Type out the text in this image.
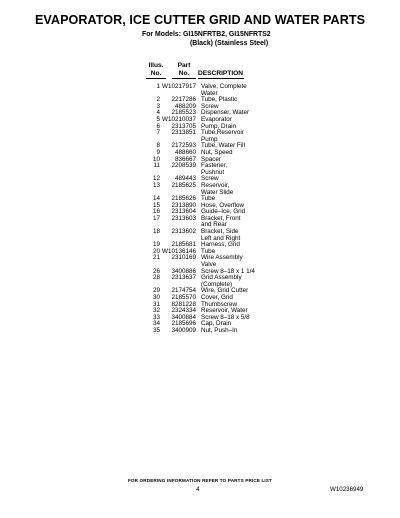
EVAPORATOR, ICE CUTTER GRID AND WATER PARTS
For Models: GI15NFRTB2, GI15NFRTS2
(Black) (Stainless Steel)
Illus.
No.
Part
No.	DESCRIPTION
1 W10217917 Valve, Complete
Water
2	2217286 Tube, Plastic
3	488209 Screw
4	2185523 Dispenser, Water
5 W10210037 Evaporator
6	2313705 Pump, Drain
7	2313851 Tube,Reservoir
Pump
8	2172593 Tube, Water Fill
9	488660 Nut, Speed
10	836667 Spacer
11	2208539 Fastener,
Pushnut
12	489443 Screw
13	2185625 Reservoir,
Water Slide
14	2185626 Tube
15	2313890 Hose, Overflow
16	2313604 Guide–Ice, Grid
17	2313603 Bracket, Front
and Rear
18	2313602 Bracket, Side
Left and Right
19	2185681 Harness, Grid
20 W10136146 Tube
21	2310169 Wire Assembly
Valve
26	3400886 Screw 8–18 x 1 1/4
28	2313637 Grid Assembly
(Complete)
29	2174754 Wire, Grid Cutter
30	2185570 Cover, Grid
31	8281228 Thumbscrew
32	2324334 Reservoir, Water
33	3400884 Screw 8–18 x 5/8
34	2185696 Cap, Drain
35	3400909 Nut, Push–In
FOR ORDERING INFORMATION REFER TO PARTS PRICE LIST
4	W10236949
